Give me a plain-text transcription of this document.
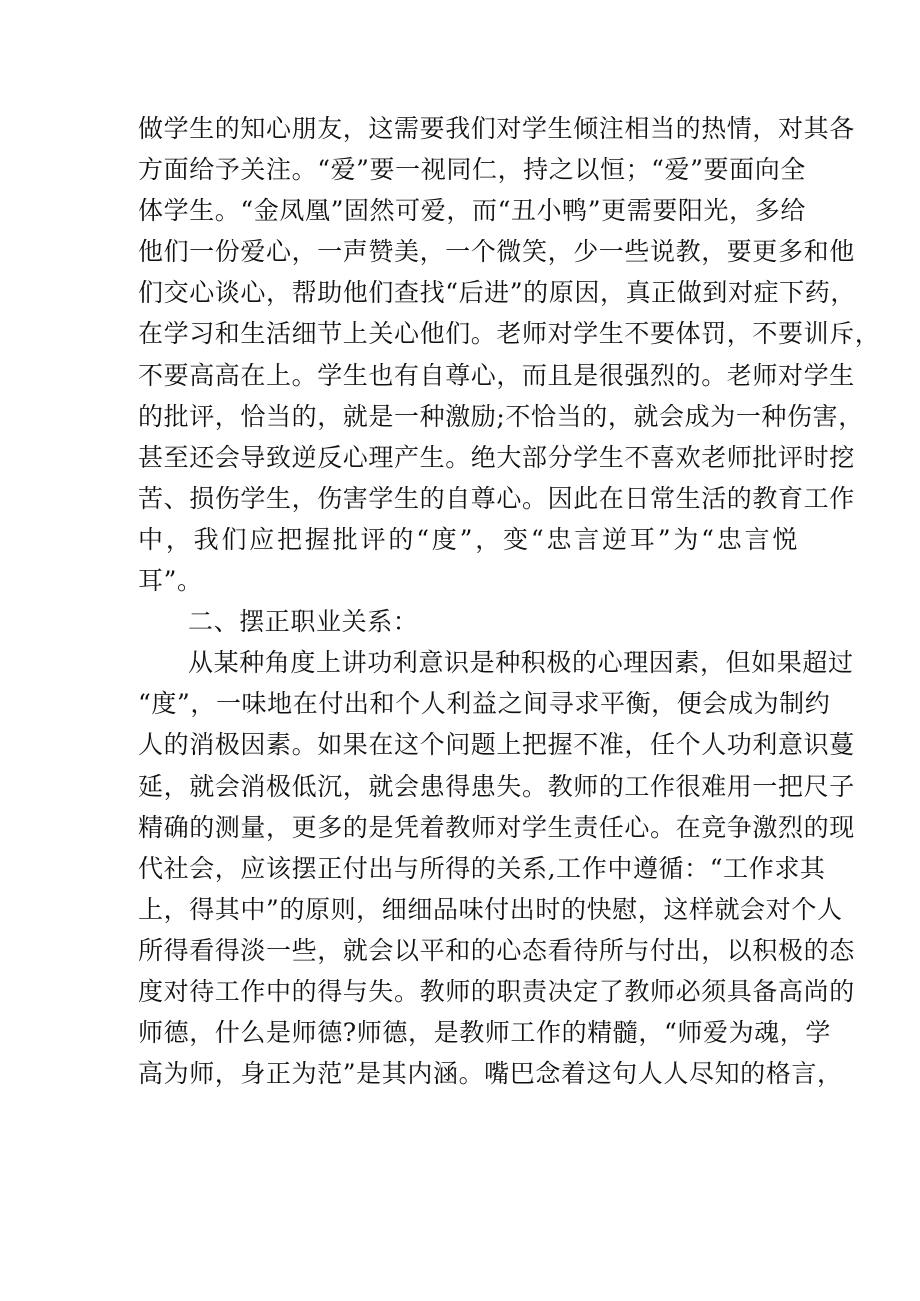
做学生的知心朋友，这需要我们对学生倾注相当的热情，对其各
方面给予关注。“爱”要一视同仁，持之以恒；“爱”要面向全
体学生。“金凤凰”固然可爱，而“丑小鸭”更需要阳光，多给
他们一份爱心，一声赞美，一个微笑，少一些说教，要更多和他
们交心谈心，帮助他们查找“后进”的原因，真正做到对症下药，
在学习和生活细节上关心他们。老师对学生不要体罚，不要训斥，
不要高高在上。学生也有自尊心，而且是很强烈的。老师对学生
的批评，恰当的，就是一种激励;不恰当的，就会成为一种伤害，
甚至还会导致逆反心理产生。绝大部分学生不喜欢老师批评时挖
苦、损伤学生，伤害学生的自尊心。因此在日常生活的教育工作
中，我们应把握批评的“度”，变“忠言逆耳”为“忠言悦
耳”。

二、摆正职业关系：

从某种角度上讲功利意识是种积极的心理因素，但如果超过
“度”，一味地在付出和个人利益之间寻求平衡，便会成为制约
人的消极因素。如果在这个问题上把握不准，任个人功利意识蔓
延，就会消极低沉，就会患得患失。教师的工作很难用一把尺子
精确的测量，更多的是凭着教师对学生责任心。在竞争激烈的现
代社会，应该摆正付出与所得的关系,工作中遵循：“工作求其
上，得其中”的原则，细细品味付出时的快慰，这样就会对个人
所得看得淡一些，就会以平和的心态看待所与付出，以积极的态
度对待工作中的得与失。教师的职责决定了教师必须具备高尚的
师德，什么是师德?师德，是教师工作的精髓，“师爱为魂，学
高为师，身正为范”是其内涵。嘴巴念着这句人人尽知的格言，
